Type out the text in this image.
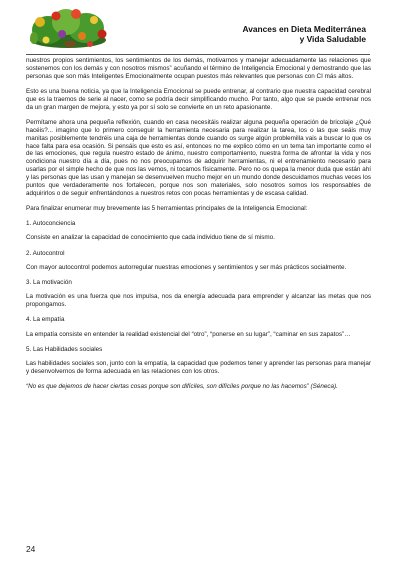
Avances en Dieta Mediterránea
y Vida Saludable

nuestros propios sentimientos, los sentimientos de los demás, motivarnos y manejar adecuadamente las relaciones que sostenemos con los demás y con nosotros mismos” acuñando el término de Inteligencia Emocional y demostrando que las personas que son más Inteligentes Emocionalmente ocupan puestos más relevantes que personas con CI más altos.

Esto es una buena noticia, ya que la Inteligencia Emocional se puede entrenar, al contrario que nuestra capacidad cerebral que es la traemos de serie al nacer, como se podría decir simplificando mucho. Por tanto, algo que se puede entrenar nos da un gran margen de mejora, y esto ya por sí solo se convierte en un reto apasionante.

Permítame ahora una pequeña reflexión, cuando en casa necesitáis realizar alguna pequeña operación de bricolaje ¿Qué hacéis?... imagino que lo primero conseguir la herramienta necesaria para realizar la tarea, los o las que seáis muy manitas posiblemente tendréis una caja de herramientas donde cuando os surge algún problemilla vais a buscar lo que os hace falta para esa ocasión. Si pensáis que esto es así, entonces no me explico cómo en un tema tan importante como el de las emociones, que regula nuestro estado de ánimo, nuestro comportamiento, nuestra forma de afrontar la vida y nos condiciona nuestro día a día, pues no nos preocupamos de adquirir herramientas, ni el entrenamiento necesario para usarlas por el simple hecho de que nos las vemos, ni tocamos físicamente. Pero no os quepa la menor duda que están ahí y las personas que las usan y manejan se desenvuelven mucho mejor en un mundo donde descuidamos muchas veces los puntos que verdaderamente nos fortalecen, porque nos son materiales, solo nosotros somos los responsables de adquirirlos o de seguir enfrentándonos a nuestros retos con pocas herramientas y de escasa calidad.

Para finalizar enumerar muy brevemente las 5 herramientas principales de la Inteligencia Emocional:

1. Autoconciencia

Consiste en analizar la capacidad de conocimiento que cada individuo tiene de sí mismo.

2. Autocontrol

Con mayor autocontrol podemos autorregular nuestras emociones y sentimientos y ser más prácticos socialmente.

3. La motivación

La motivación es una fuerza que nos impulsa, nos da energía adecuada para emprender y alcanzar las metas que nos propongamos.

4. La empatía

La empatía consiste en entender la realidad existencial del “otro”, “ponerse en su lugar”, “caminar en sus zapatos”…

5. Las Habilidades sociales

Las habilidades sociales son, junto con la empatía, la capacidad que podemos tener y aprender las personas para manejar y desenvolvernos de forma adecuada en las relaciones con los otros.

“No es que dejemos de hacer ciertas cosas porque son difíciles, son difíciles porque no las hacemos” (Séneca).

24
